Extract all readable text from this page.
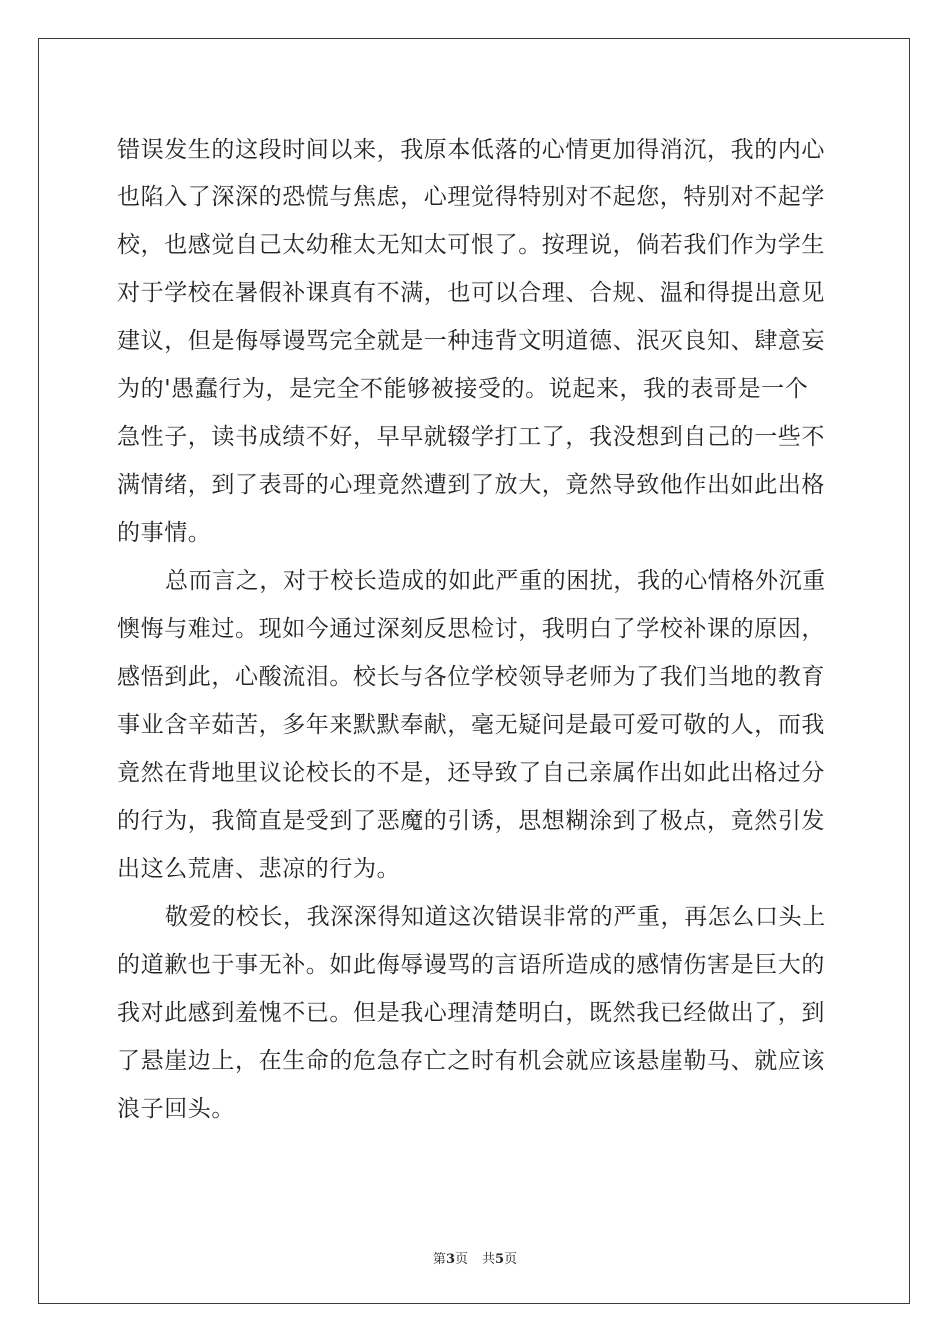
错误发生的这段时间以来，我原本低落的心情更加得消沉，我的内心
也陷入了深深的恐慌与焦虑，心理觉得特别对不起您，特别对不起学
校，也感觉自己太幼稚太无知太可恨了。按理说，倘若我们作为学生
对于学校在暑假补课真有不满，也可以合理、合规、温和得提出意见
建议，但是侮辱谩骂完全就是一种违背文明道德、泯灭良知、肆意妄
为的'愚蠢行为，是完全不能够被接受的。说起来，我的表哥是一个
急性子，读书成绩不好，早早就辍学打工了，我没想到自己的一些不
满情绪，到了表哥的心理竟然遭到了放大，竟然导致他作出如此出格
的事情。
总而言之，对于校长造成的如此严重的困扰，我的心情格外沉重
懊悔与难过。现如今通过深刻反思检讨，我明白了学校补课的原因，
感悟到此，心酸流泪。校长与各位学校领导老师为了我们当地的教育
事业含辛茹苦，多年来默默奉献，毫无疑问是最可爱可敬的人，而我
竟然在背地里议论校长的不是，还导致了自己亲属作出如此出格过分
的行为，我简直是受到了恶魔的引诱，思想糊涂到了极点，竟然引发
出这么荒唐、悲凉的行为。
敬爱的校长，我深深得知道这次错误非常的严重，再怎么口头上
的道歉也于事无补。如此侮辱谩骂的言语所造成的感情伤害是巨大的
我对此感到羞愧不已。但是我心理清楚明白，既然我已经做出了，到
了悬崖边上，在生命的危急存亡之时有机会就应该悬崖勒马、就应该
浪子回头。
第3页 共5页
